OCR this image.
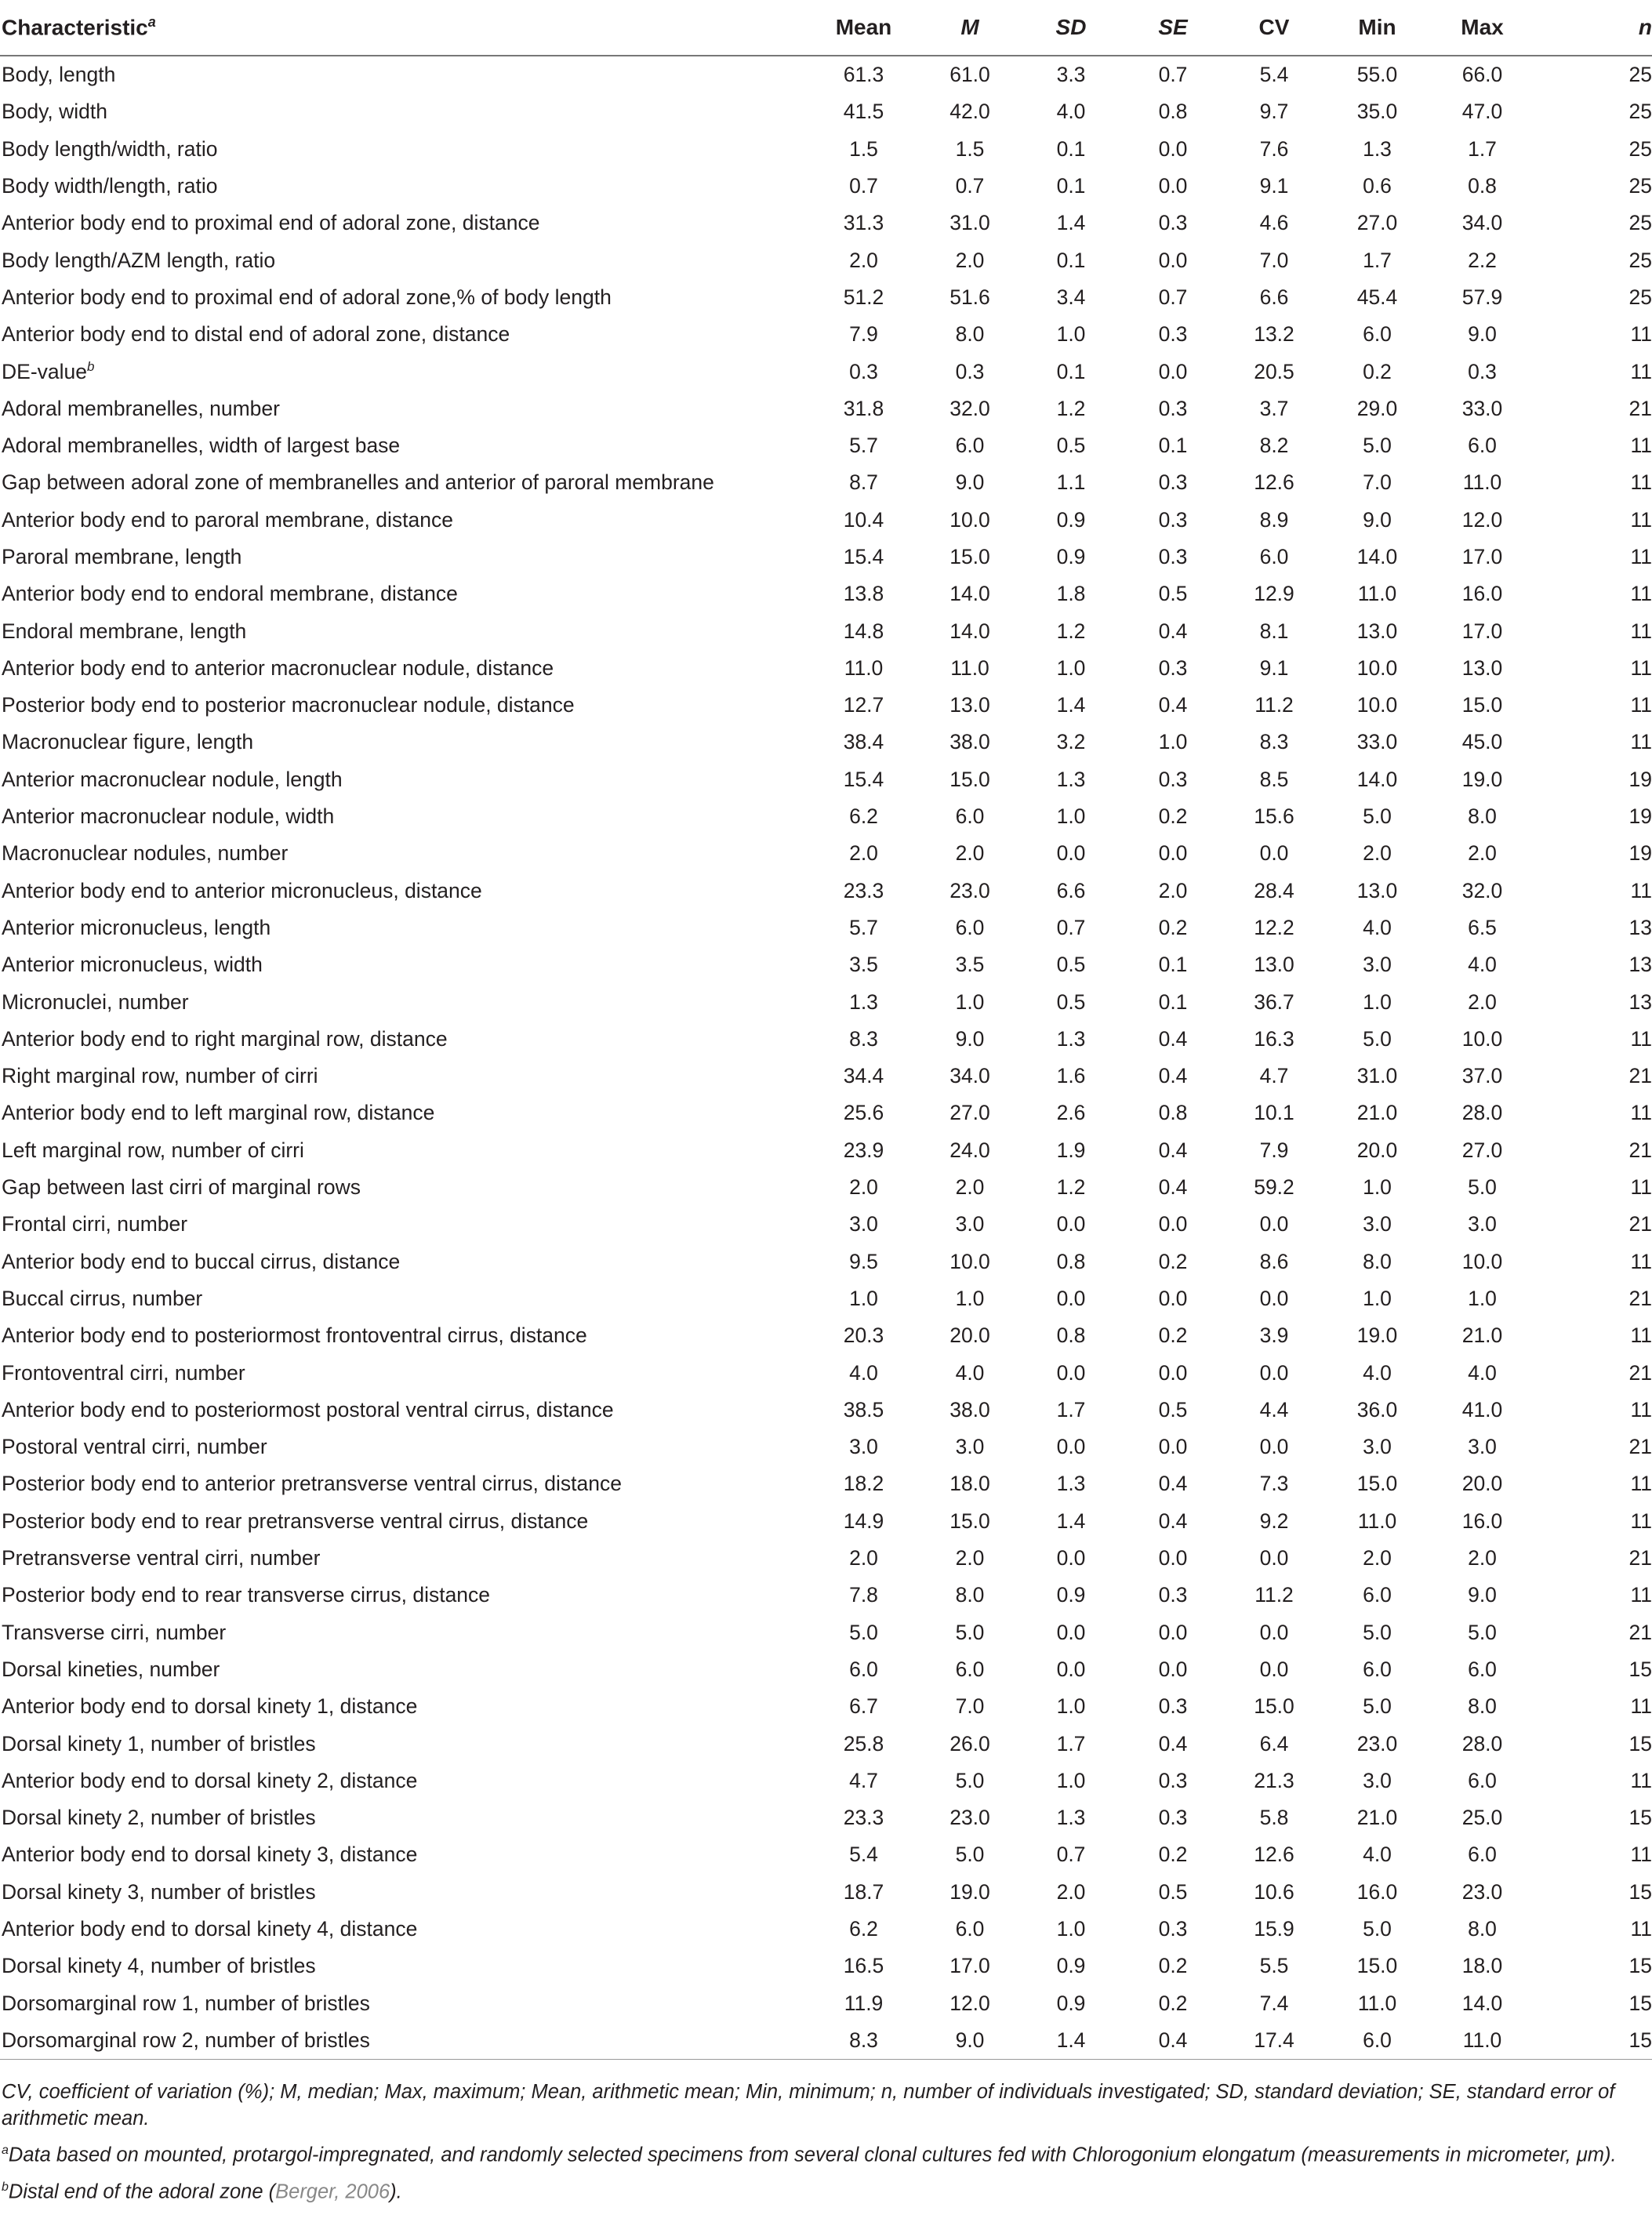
Characteristic$^a$	Mean	M	SD	SE	CV	Min	Max	n
Body, length	61.3	61.0	3.3	0.7	5.4	55.0	66.0	25
Body, width	41.5	42.0	4.0	0.8	9.7	35.0	47.0	25
Body length/width, ratio	1.5	1.5	0.1	0.0	7.6	1.3	1.7	25
Body width/length, ratio	0.7	0.7	0.1	0.0	9.1	0.6	0.8	25
Anterior body end to proximal end of adoral zone, distance	31.3	31.0	1.4	0.3	4.6	27.0	34.0	25
Body length/AZM length, ratio	2.0	2.0	0.1	0.0	7.0	1.7	2.2	25
Anterior body end to proximal end of adoral zone,% of body length	51.2	51.6	3.4	0.7	6.6	45.4	57.9	25
Anterior body end to distal end of adoral zone, distance	7.9	8.0	1.0	0.3	13.2	6.0	9.0	11
DE-value$^b$	0.3	0.3	0.1	0.0	20.5	0.2	0.3	11
Adoral membranelles, number	31.8	32.0	1.2	0.3	3.7	29.0	33.0	21
Adoral membranelles, width of largest base	5.7	6.0	0.5	0.1	8.2	5.0	6.0	11
Gap between adoral zone of membranelles and anterior of paroral membrane	8.7	9.0	1.1	0.3	12.6	7.0	11.0	11
Anterior body end to paroral membrane, distance	10.4	10.0	0.9	0.3	8.9	9.0	12.0	11
Paroral membrane, length	15.4	15.0	0.9	0.3	6.0	14.0	17.0	11
Anterior body end to endoral membrane, distance	13.8	14.0	1.8	0.5	12.9	11.0	16.0	11
Endoral membrane, length	14.8	14.0	1.2	0.4	8.1	13.0	17.0	11
Anterior body end to anterior macronuclear nodule, distance	11.0	11.0	1.0	0.3	9.1	10.0	13.0	11
Posterior body end to posterior macronuclear nodule, distance	12.7	13.0	1.4	0.4	11.2	10.0	15.0	11
Macronuclear figure, length	38.4	38.0	3.2	1.0	8.3	33.0	45.0	11
Anterior macronuclear nodule, length	15.4	15.0	1.3	0.3	8.5	14.0	19.0	19
Anterior macronuclear nodule, width	6.2	6.0	1.0	0.2	15.6	5.0	8.0	19
Macronuclear nodules, number	2.0	2.0	0.0	0.0	0.0	2.0	2.0	19
Anterior body end to anterior micronucleus, distance	23.3	23.0	6.6	2.0	28.4	13.0	32.0	11
Anterior micronucleus, length	5.7	6.0	0.7	0.2	12.2	4.0	6.5	13
Anterior micronucleus, width	3.5	3.5	0.5	0.1	13.0	3.0	4.0	13
Micronuclei, number	1.3	1.0	0.5	0.1	36.7	1.0	2.0	13
Anterior body end to right marginal row, distance	8.3	9.0	1.3	0.4	16.3	5.0	10.0	11
Right marginal row, number of cirri	34.4	34.0	1.6	0.4	4.7	31.0	37.0	21
Anterior body end to left marginal row, distance	25.6	27.0	2.6	0.8	10.1	21.0	28.0	11
Left marginal row, number of cirri	23.9	24.0	1.9	0.4	7.9	20.0	27.0	21
Gap between last cirri of marginal rows	2.0	2.0	1.2	0.4	59.2	1.0	5.0	11
Frontal cirri, number	3.0	3.0	0.0	0.0	0.0	3.0	3.0	21
Anterior body end to buccal cirrus, distance	9.5	10.0	0.8	0.2	8.6	8.0	10.0	11
Buccal cirrus, number	1.0	1.0	0.0	0.0	0.0	1.0	1.0	21
Anterior body end to posteriormost frontoventral cirrus, distance	20.3	20.0	0.8	0.2	3.9	19.0	21.0	11
Frontoventral cirri, number	4.0	4.0	0.0	0.0	0.0	4.0	4.0	21
Anterior body end to posteriormost postoral ventral cirrus, distance	38.5	38.0	1.7	0.5	4.4	36.0	41.0	11
Postoral ventral cirri, number	3.0	3.0	0.0	0.0	0.0	3.0	3.0	21
Posterior body end to anterior pretransverse ventral cirrus, distance	18.2	18.0	1.3	0.4	7.3	15.0	20.0	11
Posterior body end to rear pretransverse ventral cirrus, distance	14.9	15.0	1.4	0.4	9.2	11.0	16.0	11
Pretransverse ventral cirri, number	2.0	2.0	0.0	0.0	0.0	2.0	2.0	21
Posterior body end to rear transverse cirrus, distance	7.8	8.0	0.9	0.3	11.2	6.0	9.0	11
Transverse cirri, number	5.0	5.0	0.0	0.0	0.0	5.0	5.0	21
Dorsal kineties, number	6.0	6.0	0.0	0.0	0.0	6.0	6.0	15
Anterior body end to dorsal kinety 1, distance	6.7	7.0	1.0	0.3	15.0	5.0	8.0	11
Dorsal kinety 1, number of bristles	25.8	26.0	1.7	0.4	6.4	23.0	28.0	15
Anterior body end to dorsal kinety 2, distance	4.7	5.0	1.0	0.3	21.3	3.0	6.0	11
Dorsal kinety 2, number of bristles	23.3	23.0	1.3	0.3	5.8	21.0	25.0	15
Anterior body end to dorsal kinety 3, distance	5.4	5.0	0.7	0.2	12.6	4.0	6.0	11
Dorsal kinety 3, number of bristles	18.7	19.0	2.0	0.5	10.6	16.0	23.0	15
Anterior body end to dorsal kinety 4, distance	6.2	6.0	1.0	0.3	15.9	5.0	8.0	11
Dorsal kinety 4, number of bristles	16.5	17.0	0.9	0.2	5.5	15.0	18.0	15
Dorsomarginal row 1, number of bristles	11.9	12.0	0.9	0.2	7.4	11.0	14.0	15
Dorsomarginal row 2, number of bristles	8.3	9.0	1.4	0.4	17.4	6.0	11.0	15

CV, coefficient of variation (%); M, median; Max, maximum; Mean, arithmetic mean; Min, minimum; n, number of individuals investigated; SD, standard deviation; SE, standard error of arithmetic mean.

$^a$Data based on mounted, protargol-impregnated, and randomly selected specimens from several clonal cultures fed with Chlorogonium elongatum (measurements in micrometer, μm).

$^b$Distal end of the adoral zone (Berger, 2006).
